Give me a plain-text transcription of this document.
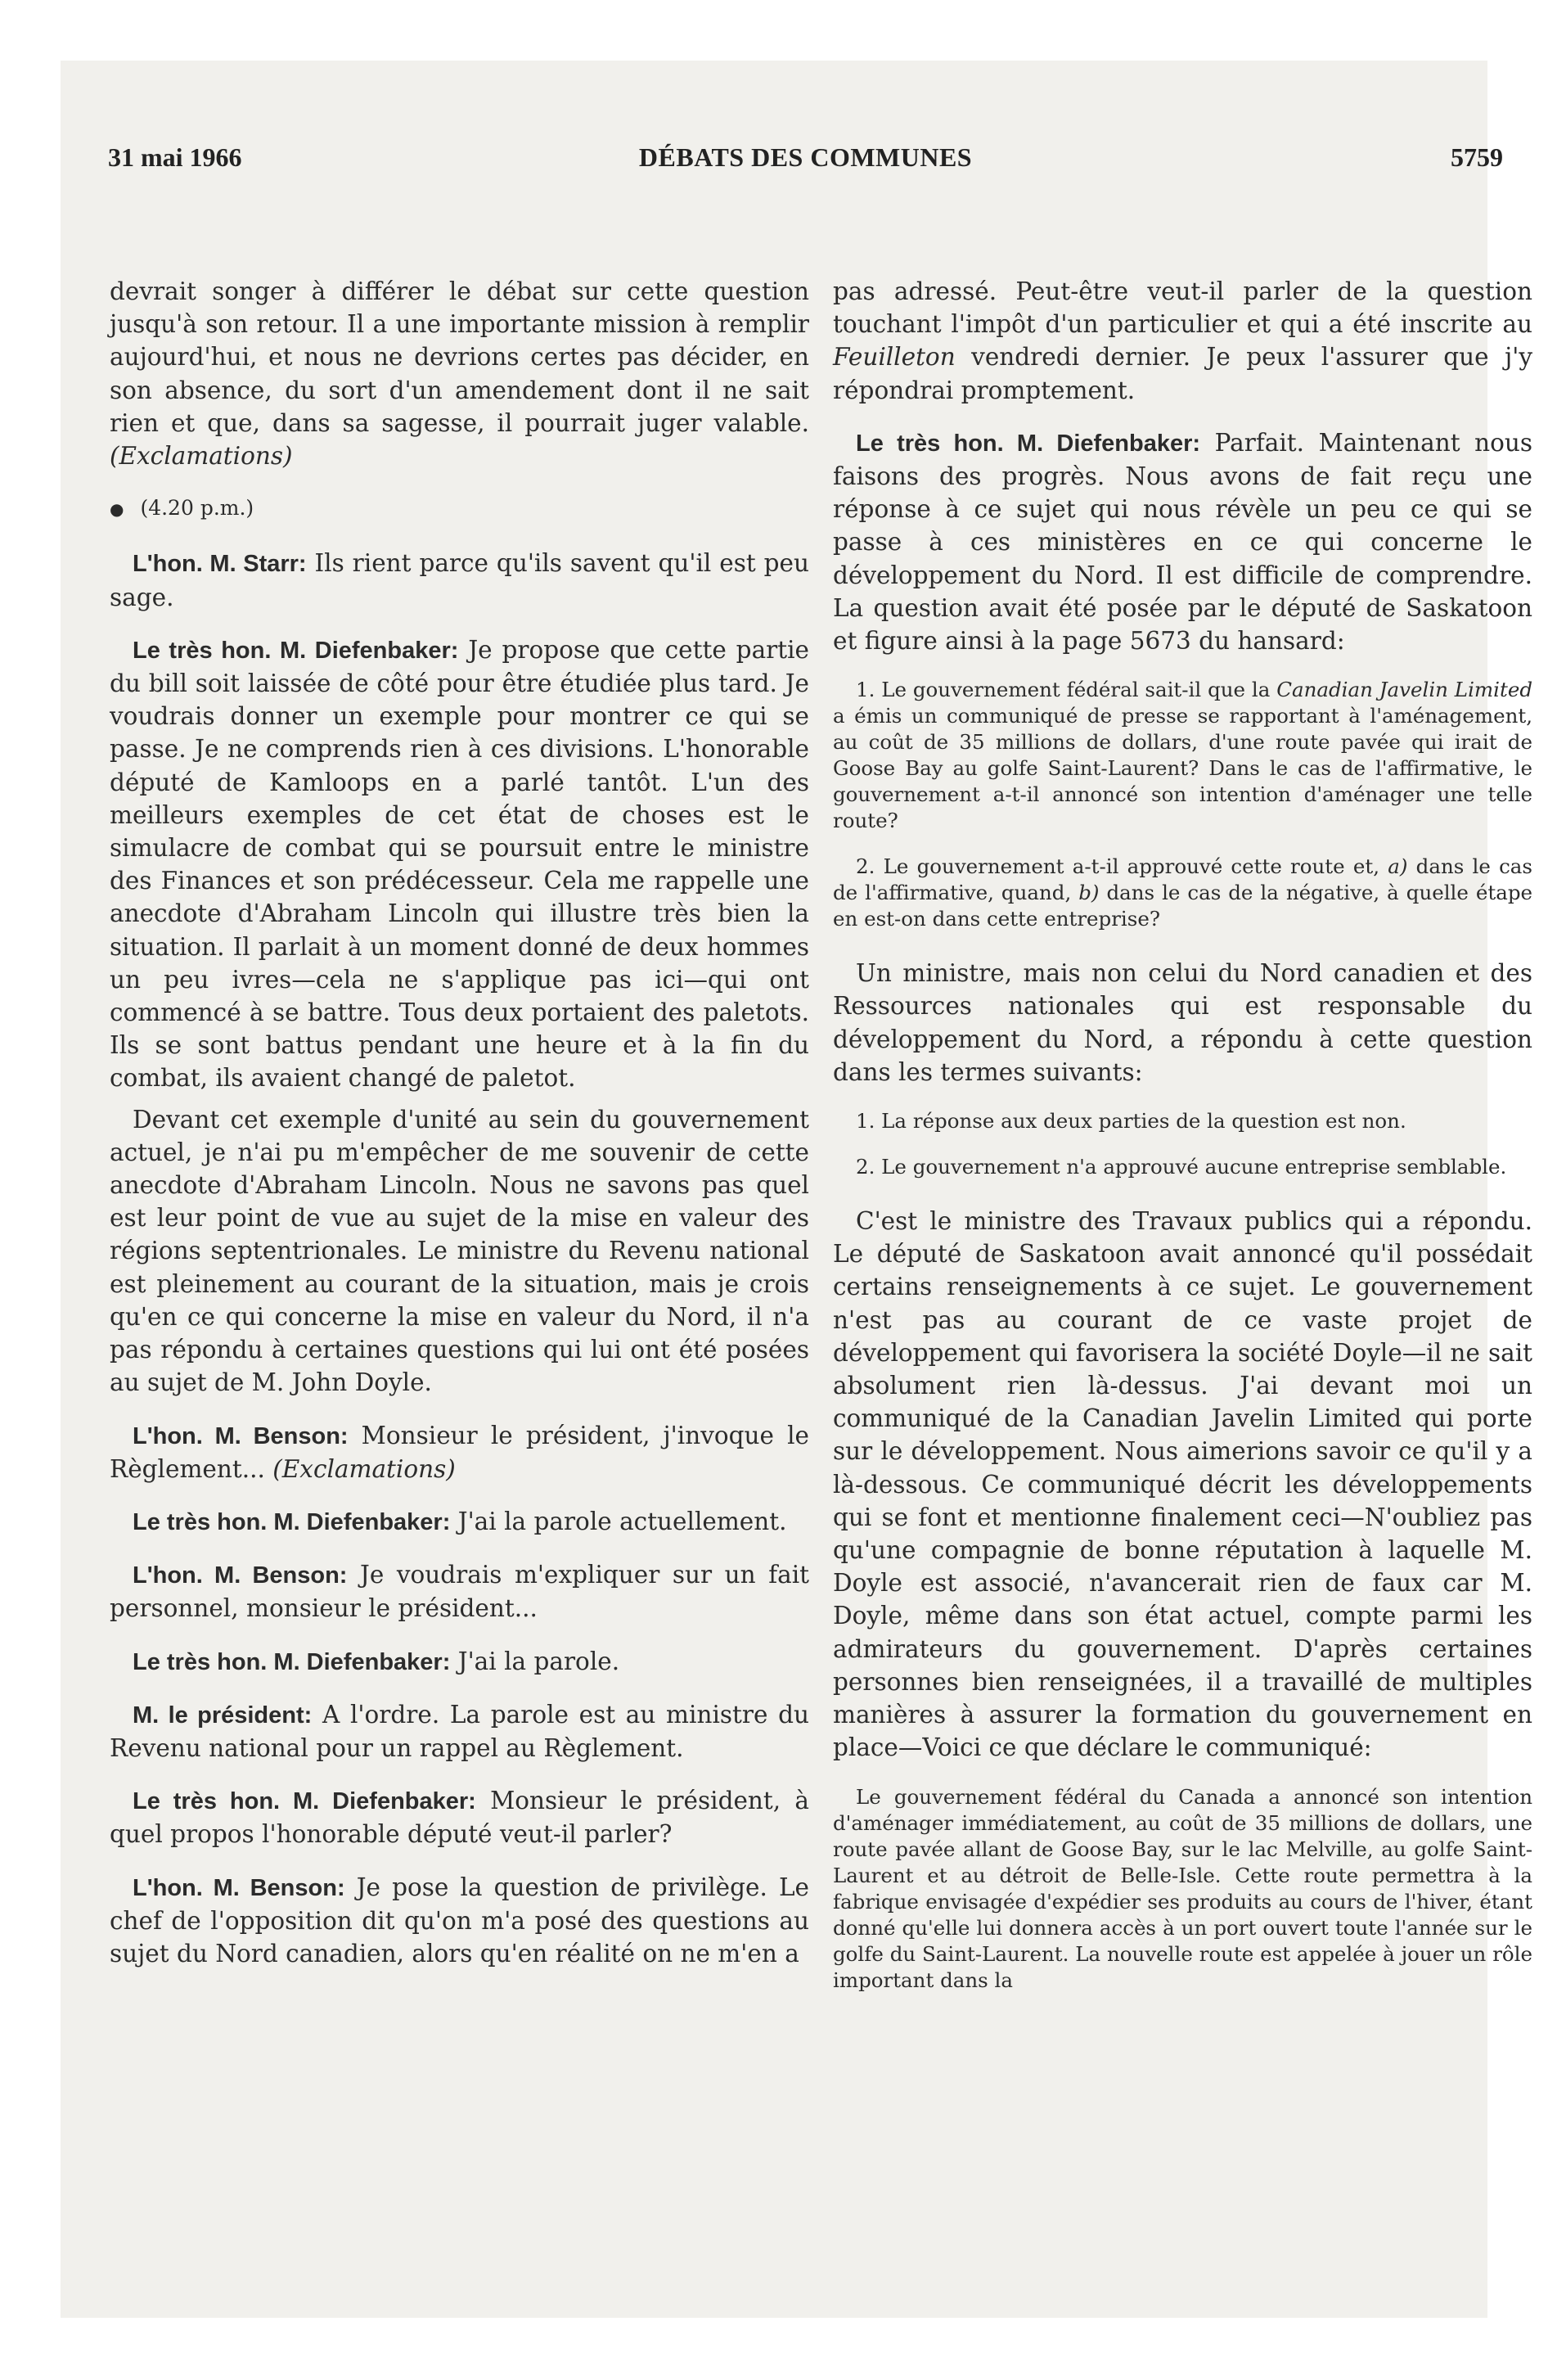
31 mai 1966	DÉBATS DES COMMUNES	5759

devrait songer à différer le débat sur cette question jusqu'à son retour. Il a une importante mission à remplir aujourd'hui, et nous ne devrions certes pas décider, en son absence, du sort d'un amendement dont il ne sait rien et que, dans sa sagesse, il pourrait juger valable. (Exclamations)

● (4.20 p.m.)

L'hon. M. Starr: Ils rient parce qu'ils savent qu'il est peu sage.

Le très hon. M. Diefenbaker: Je propose que cette partie du bill soit laissée de côté pour être étudiée plus tard. Je voudrais donner un exemple pour montrer ce qui se passe. Je ne comprends rien à ces divisions. L'honorable député de Kamloops en a parlé tantôt. L'un des meilleurs exemples de cet état de choses est le simulacre de combat qui se poursuit entre le ministre des Finances et son prédécesseur. Cela me rappelle une anecdote d'Abraham Lincoln qui illustre très bien la situation. Il parlait à un moment donné de deux hommes un peu ivres—cela ne s'applique pas ici—qui ont commencé à se battre. Tous deux portaient des paletots. Ils se sont battus pendant une heure et à la fin du combat, ils avaient changé de paletot.

Devant cet exemple d'unité au sein du gouvernement actuel, je n'ai pu m'empêcher de me souvenir de cette anecdote d'Abraham Lincoln. Nous ne savons pas quel est leur point de vue au sujet de la mise en valeur des régions septentrionales. Le ministre du Revenu national est pleinement au courant de la situation, mais je crois qu'en ce qui concerne la mise en valeur du Nord, il n'a pas répondu à certaines questions qui lui ont été posées au sujet de M. John Doyle.

L'hon. M. Benson: Monsieur le président, j'invoque le Règlement... (Exclamations)

Le très hon. M. Diefenbaker: J'ai la parole actuellement.

L'hon. M. Benson: Je voudrais m'expliquer sur un fait personnel, monsieur le président...

Le très hon. M. Diefenbaker: J'ai la parole.

M. le président: A l'ordre. La parole est au ministre du Revenu national pour un rappel au Règlement.

Le très hon. M. Diefenbaker: Monsieur le président, à quel propos l'honorable député veut-il parler?

L'hon. M. Benson: Je pose la question de privilège. Le chef de l'opposition dit qu'on m'a posé des questions au sujet du Nord canadien, alors qu'en réalité on ne m'en a

pas adressé. Peut-être veut-il parler de la question touchant l'impôt d'un particulier et qui a été inscrite au Feuilleton vendredi dernier. Je peux l'assurer que j'y répondrai promptement.

Le très hon. M. Diefenbaker: Parfait. Maintenant nous faisons des progrès. Nous avons de fait reçu une réponse à ce sujet qui nous révèle un peu ce qui se passe à ces ministères en ce qui concerne le développement du Nord. Il est difficile de comprendre. La question avait été posée par le député de Saskatoon et figure ainsi à la page 5673 du hansard:

1. Le gouvernement fédéral sait-il que la Canadian Javelin Limited a émis un communiqué de presse se rapportant à l'aménagement, au coût de 35 millions de dollars, d'une route pavée qui irait de Goose Bay au golfe Saint-Laurent? Dans le cas de l'affirmative, le gouvernement a-t-il annoncé son intention d'aménager une telle route?

2. Le gouvernement a-t-il approuvé cette route et, a) dans le cas de l'affirmative, quand, b) dans le cas de la négative, à quelle étape en est-on dans cette entreprise?

Un ministre, mais non celui du Nord canadien et des Ressources nationales qui est responsable du développement du Nord, a répondu à cette question dans les termes suivants:

1. La réponse aux deux parties de la question est non.

2. Le gouvernement n'a approuvé aucune entreprise semblable.

C'est le ministre des Travaux publics qui a répondu. Le député de Saskatoon avait annoncé qu'il possédait certains renseignements à ce sujet. Le gouvernement n'est pas au courant de ce vaste projet de développement qui favorisera la société Doyle—il ne sait absolument rien là-dessus. J'ai devant moi un communiqué de la Canadian Javelin Limited qui porte sur le développement. Nous aimerions savoir ce qu'il y a là-dessous. Ce communiqué décrit les développements qui se font et mentionne finalement ceci—N'oubliez pas qu'une compagnie de bonne réputation à laquelle M. Doyle est associé, n'avancerait rien de faux car M. Doyle, même dans son état actuel, compte parmi les admirateurs du gouvernement. D'après certaines personnes bien renseignées, il a travaillé de multiples manières à assurer la formation du gouvernement en place—Voici ce que déclare le communiqué:

Le gouvernement fédéral du Canada a annoncé son intention d'aménager immédiatement, au coût de 35 millions de dollars, une route pavée allant de Goose Bay, sur le lac Melville, au golfe Saint-Laurent et au détroit de Belle-Isle. Cette route permettra à la fabrique envisagée d'expédier ses produits au cours de l'hiver, étant donné qu'elle lui donnera accès à un port ouvert toute l'année sur le golfe du Saint-Laurent. La nouvelle route est appelée à jouer un rôle important dans la
